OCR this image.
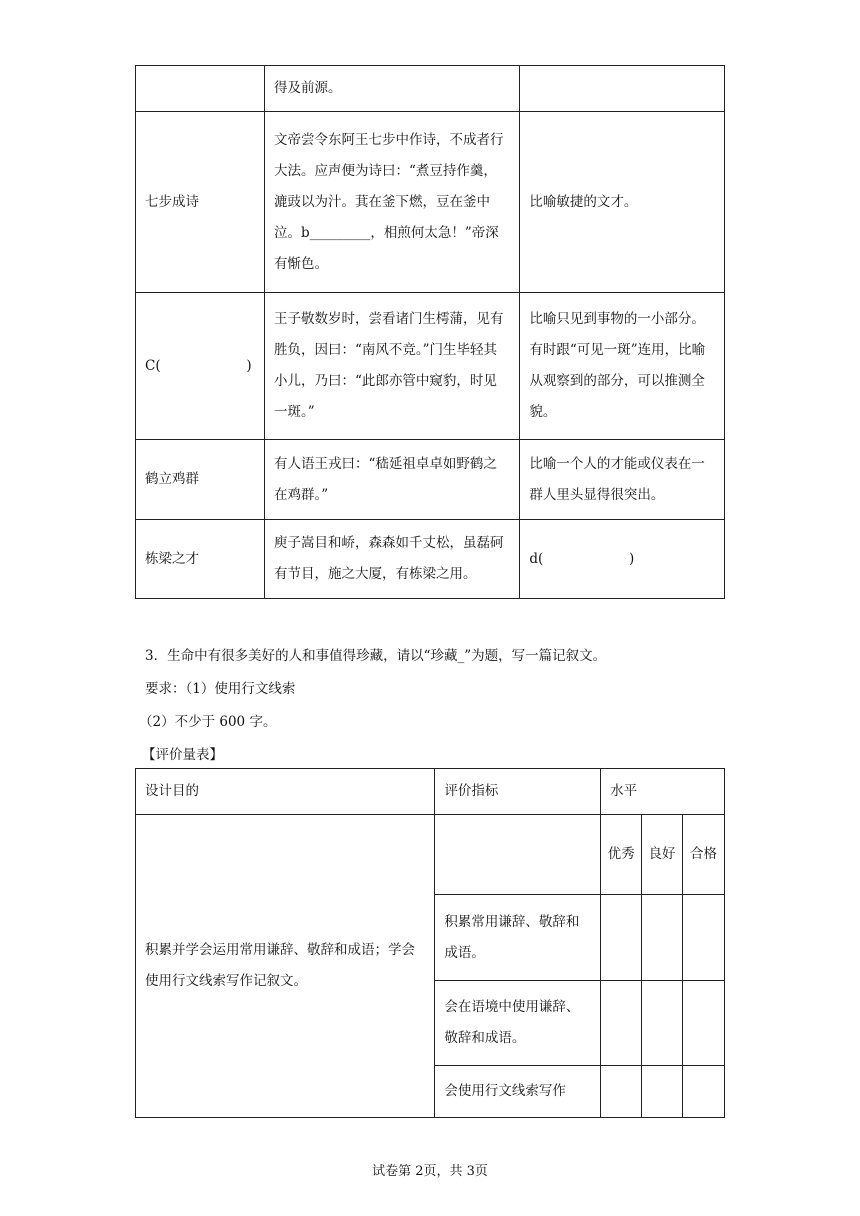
	得及前源。	
七步成诗	文帝尝令东阿王七步中作诗，不成者行大法。应声便为诗曰：“煮豆持作羹，漉豉以为汁。萁在釜下燃，豆在釜中泣。b_________，相煎何太急！”帝深有惭色。	比喻敏捷的文才。
C(                    )	王子敬数岁时，尝看诸门生樗蒲，见有胜负，因曰：“南风不竞。”门生毕轻其小儿，乃曰：“此郎亦管中窥豹，时见一斑。”	比喻只见到事物的一小部分。有时跟“可见一斑”连用，比喻从观察到的部分，可以推测全貌。
鹤立鸡群	有人语王戎曰：“嵇延祖卓卓如野鹤之在鸡群。”	比喻一个人的才能或仪表在一群人里头显得很突出。
栋梁之才	庾子嵩目和峤，森森如千丈松，虽磊砢有节目，施之大厦，有栋梁之用。	d(                    )
3．生命中有很多美好的人和事值得珍藏，请以“珍藏_”为题，写一篇记叙文。
要求：（1）使用行文线索
（2）不少于 600 字。
【评价量表】
设计目的	评价指标	水平		
积累并学会运用常用谦辞、敬辞和成语；学会使用行文线索写作记叙文。		优秀	良好	合格
	积累常用谦辞、敬辞和成语。			
	会在语境中使用谦辞、敬辞和成语。			
	会使用行文线索写作			
试卷第 2页，共 3页
